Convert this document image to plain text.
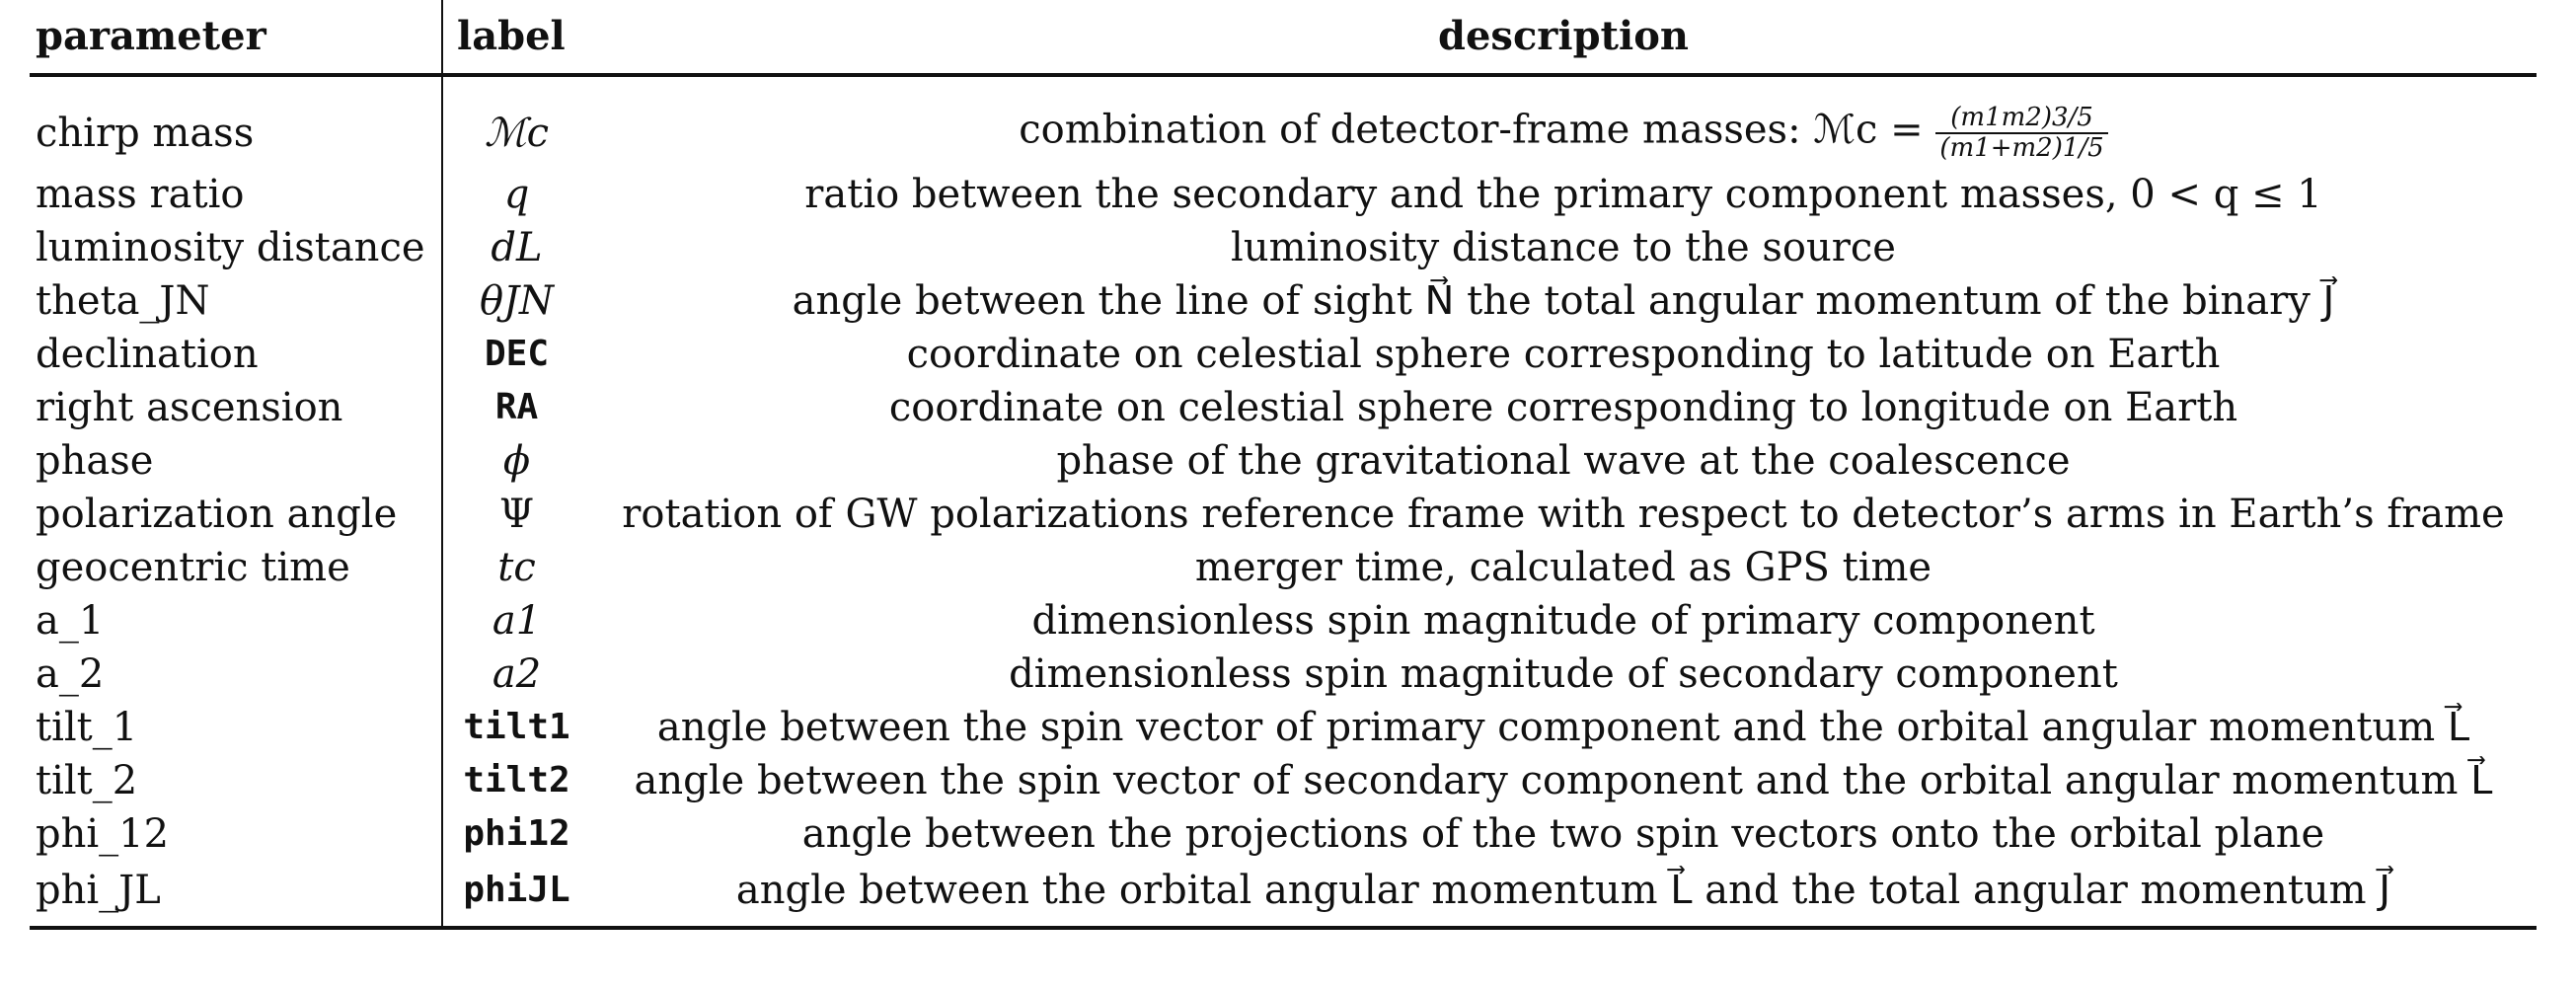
parameter	label	description
chirp mass	ℳc	combination of detector-frame masses: ℳc = $\frac{(m1m2)3/5}{(m1+m2)1/5}$

mass ratio	q	ratio between the secondary and the primary component masses, 0 < q ≤ 1
luminosity distance	dL	luminosity distance to the source
theta_JN	θJN	angle between the line of sight N⃗ the total angular momentum of the binary J⃗
declination	DEC	coordinate on celestial sphere corresponding to latitude on Earth
right ascension	RA	coordinate on celestial sphere corresponding to longitude on Earth
phase	ϕ	phase of the gravitational wave at the coalescence
polarization angle	Ψ	rotation of GW polarizations reference frame with respect to detector’s arms in Earth’s frame
geocentric time	tc	merger time, calculated as GPS time
a_1	a1	dimensionless spin magnitude of primary component
a_2	a2	dimensionless spin magnitude of secondary component
tilt_1	tilt1	angle between the spin vector of primary component and the orbital angular momentum L⃗
tilt_2	tilt2	angle between the spin vector of secondary component and the orbital angular momentum L⃗
phi_12	phi12	angle between the projections of the two spin vectors onto the orbital plane
phi_JL	phiJL	angle between the orbital angular momentum L⃗ and the total angular momentum J⃗
